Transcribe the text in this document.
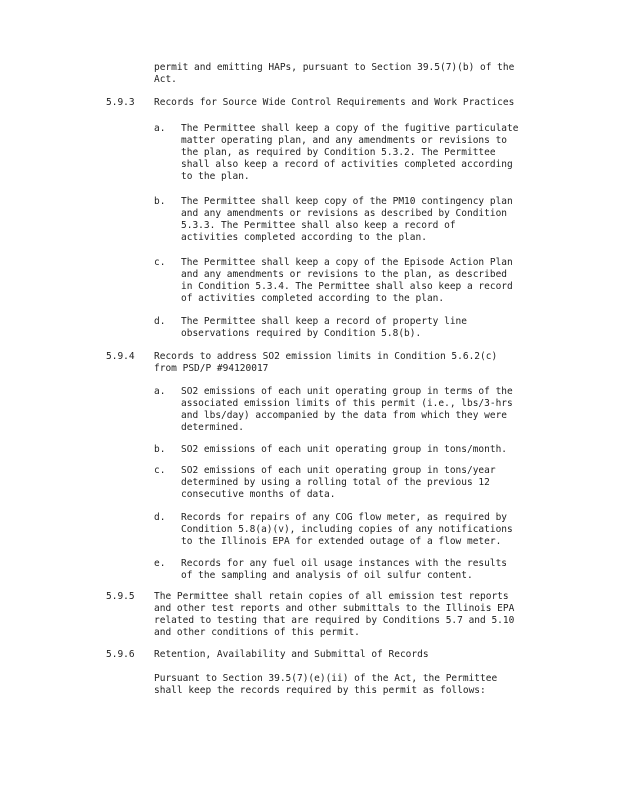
permit and emitting HAPs, pursuant to Section 39.5(7)(b) of the
Act.
5.9.3 Records for Source Wide Control Requirements and Work Practices
a. The Permittee shall keep a copy of the fugitive particulate
matter operating plan, and any amendments or revisions to
the plan, as required by Condition 5.3.2. The Permittee
shall also keep a record of activities completed according
to the plan.
b. The Permittee shall keep copy of the PM10 contingency plan
and any amendments or revisions as described by Condition
5.3.3. The Permittee shall also keep a record of
activities completed according to the plan.
c. The Permittee shall keep a copy of the Episode Action Plan
and any amendments or revisions to the plan, as described
in Condition 5.3.4. The Permittee shall also keep a record
of activities completed according to the plan.
d. The Permittee shall keep a record of property line
observations required by Condition 5.8(b).
5.9.4 Records to address SO2 emission limits in Condition 5.6.2(c)
from PSD/P #94120017
a. SO2 emissions of each unit operating group in terms of the
associated emission limits of this permit (i.e., lbs/3-hrs
and lbs/day) accompanied by the data from which they were
determined.
b. SO2 emissions of each unit operating group in tons/month.
c. SO2 emissions of each unit operating group in tons/year
determined by using a rolling total of the previous 12
consecutive months of data.
d. Records for repairs of any COG flow meter, as required by
Condition 5.8(a)(v), including copies of any notifications
to the Illinois EPA for extended outage of a flow meter.
e. Records for any fuel oil usage instances with the results
of the sampling and analysis of oil sulfur content.
5.9.5 The Permittee shall retain copies of all emission test reports
and other test reports and other submittals to the Illinois EPA
related to testing that are required by Conditions 5.7 and 5.10
and other conditions of this permit.
5.9.6 Retention, Availability and Submittal of Records
Pursuant to Section 39.5(7)(e)(ii) of the Act, the Permittee
shall keep the records required by this permit as follows:
